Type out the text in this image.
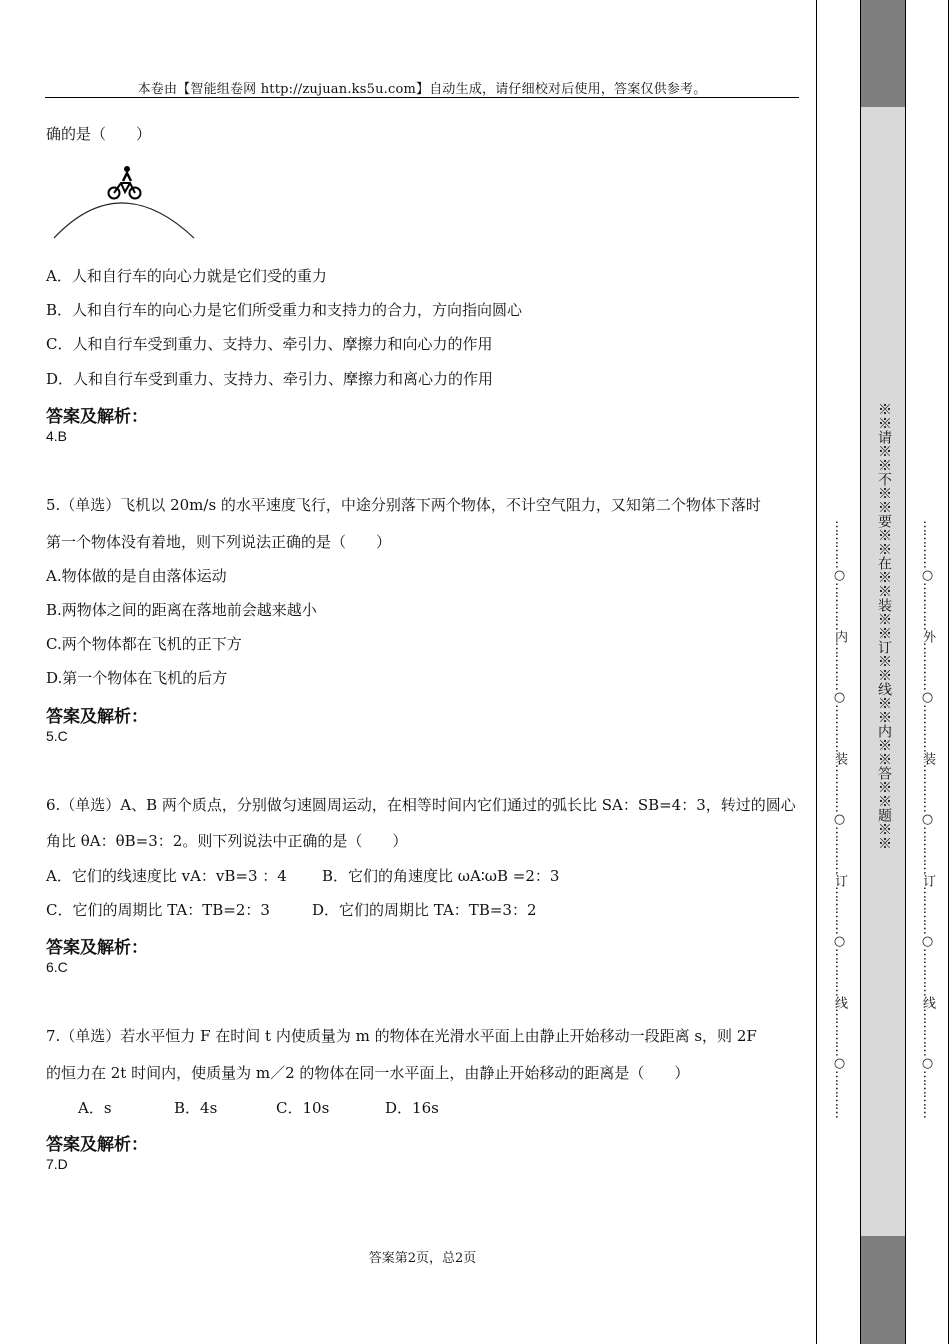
本卷由【智能组卷网 http://zujuan.ks5u.com】自动生成，请仔细校对后使用，答案仅供参考。
确的是（　　）
A．人和自行车的向心力就是它们受的重力
B．人和自行车的向心力是它们所受重力和支持力的合力，方向指向圆心
C．人和自行车受到重力、支持力、牵引力、摩擦力和向心力的作用
D．人和自行车受到重力、支持力、牵引力、摩擦力和离心力的作用
答案及解析：
4.B
5.（单选）飞机以 20m/s 的水平速度飞行，中途分别落下两个物体，不计空气阻力，又知第二个物体下落时
第一个物体没有着地，则下列说法正确的是（　　）
A.物体做的是自由落体运动
B.两物体之间的距离在落地前会越来越小
C.两个物体都在飞机的正下方
D.第一个物体在飞机的后方
答案及解析：
5.C
6.（单选）A、B 两个质点，分别做匀速圆周运动，在相等时间内它们通过的弧长比 SA：SB=4：3，转过的圆心
角比 θA：θB=3：2。则下列说法中正确的是（　　）
A．它们的线速度比 vA：vB=3 ：4 B．它们的角速度比 ωA∶ωB =2：3
C．它们的周期比 TA：TB=2：3	D．它们的周期比 TA：TB=3：2
答案及解析：
6.C
7.（单选）若水平恒力 F 在时间 t 内使质量为 m 的物体在光滑水平面上由静止开始移动一段距离 s，则 2F
的恒力在 2t 时间内，使质量为 m／2 的物体在同一水平面上，由静止开始移动的距离是（　　）
A．s	B．4s	C．10s	D．16s
答案及解析：
7.D
答案第2页，总2页
…………○…………内…………○…………装…………○…………订…………○…………线…………○………… ※※请※※不※※要※※在※※装※※订※※线※※内※※答※※题※※ …………○…………外…………○…………装…………○…………订…………○…………线…………○…………
